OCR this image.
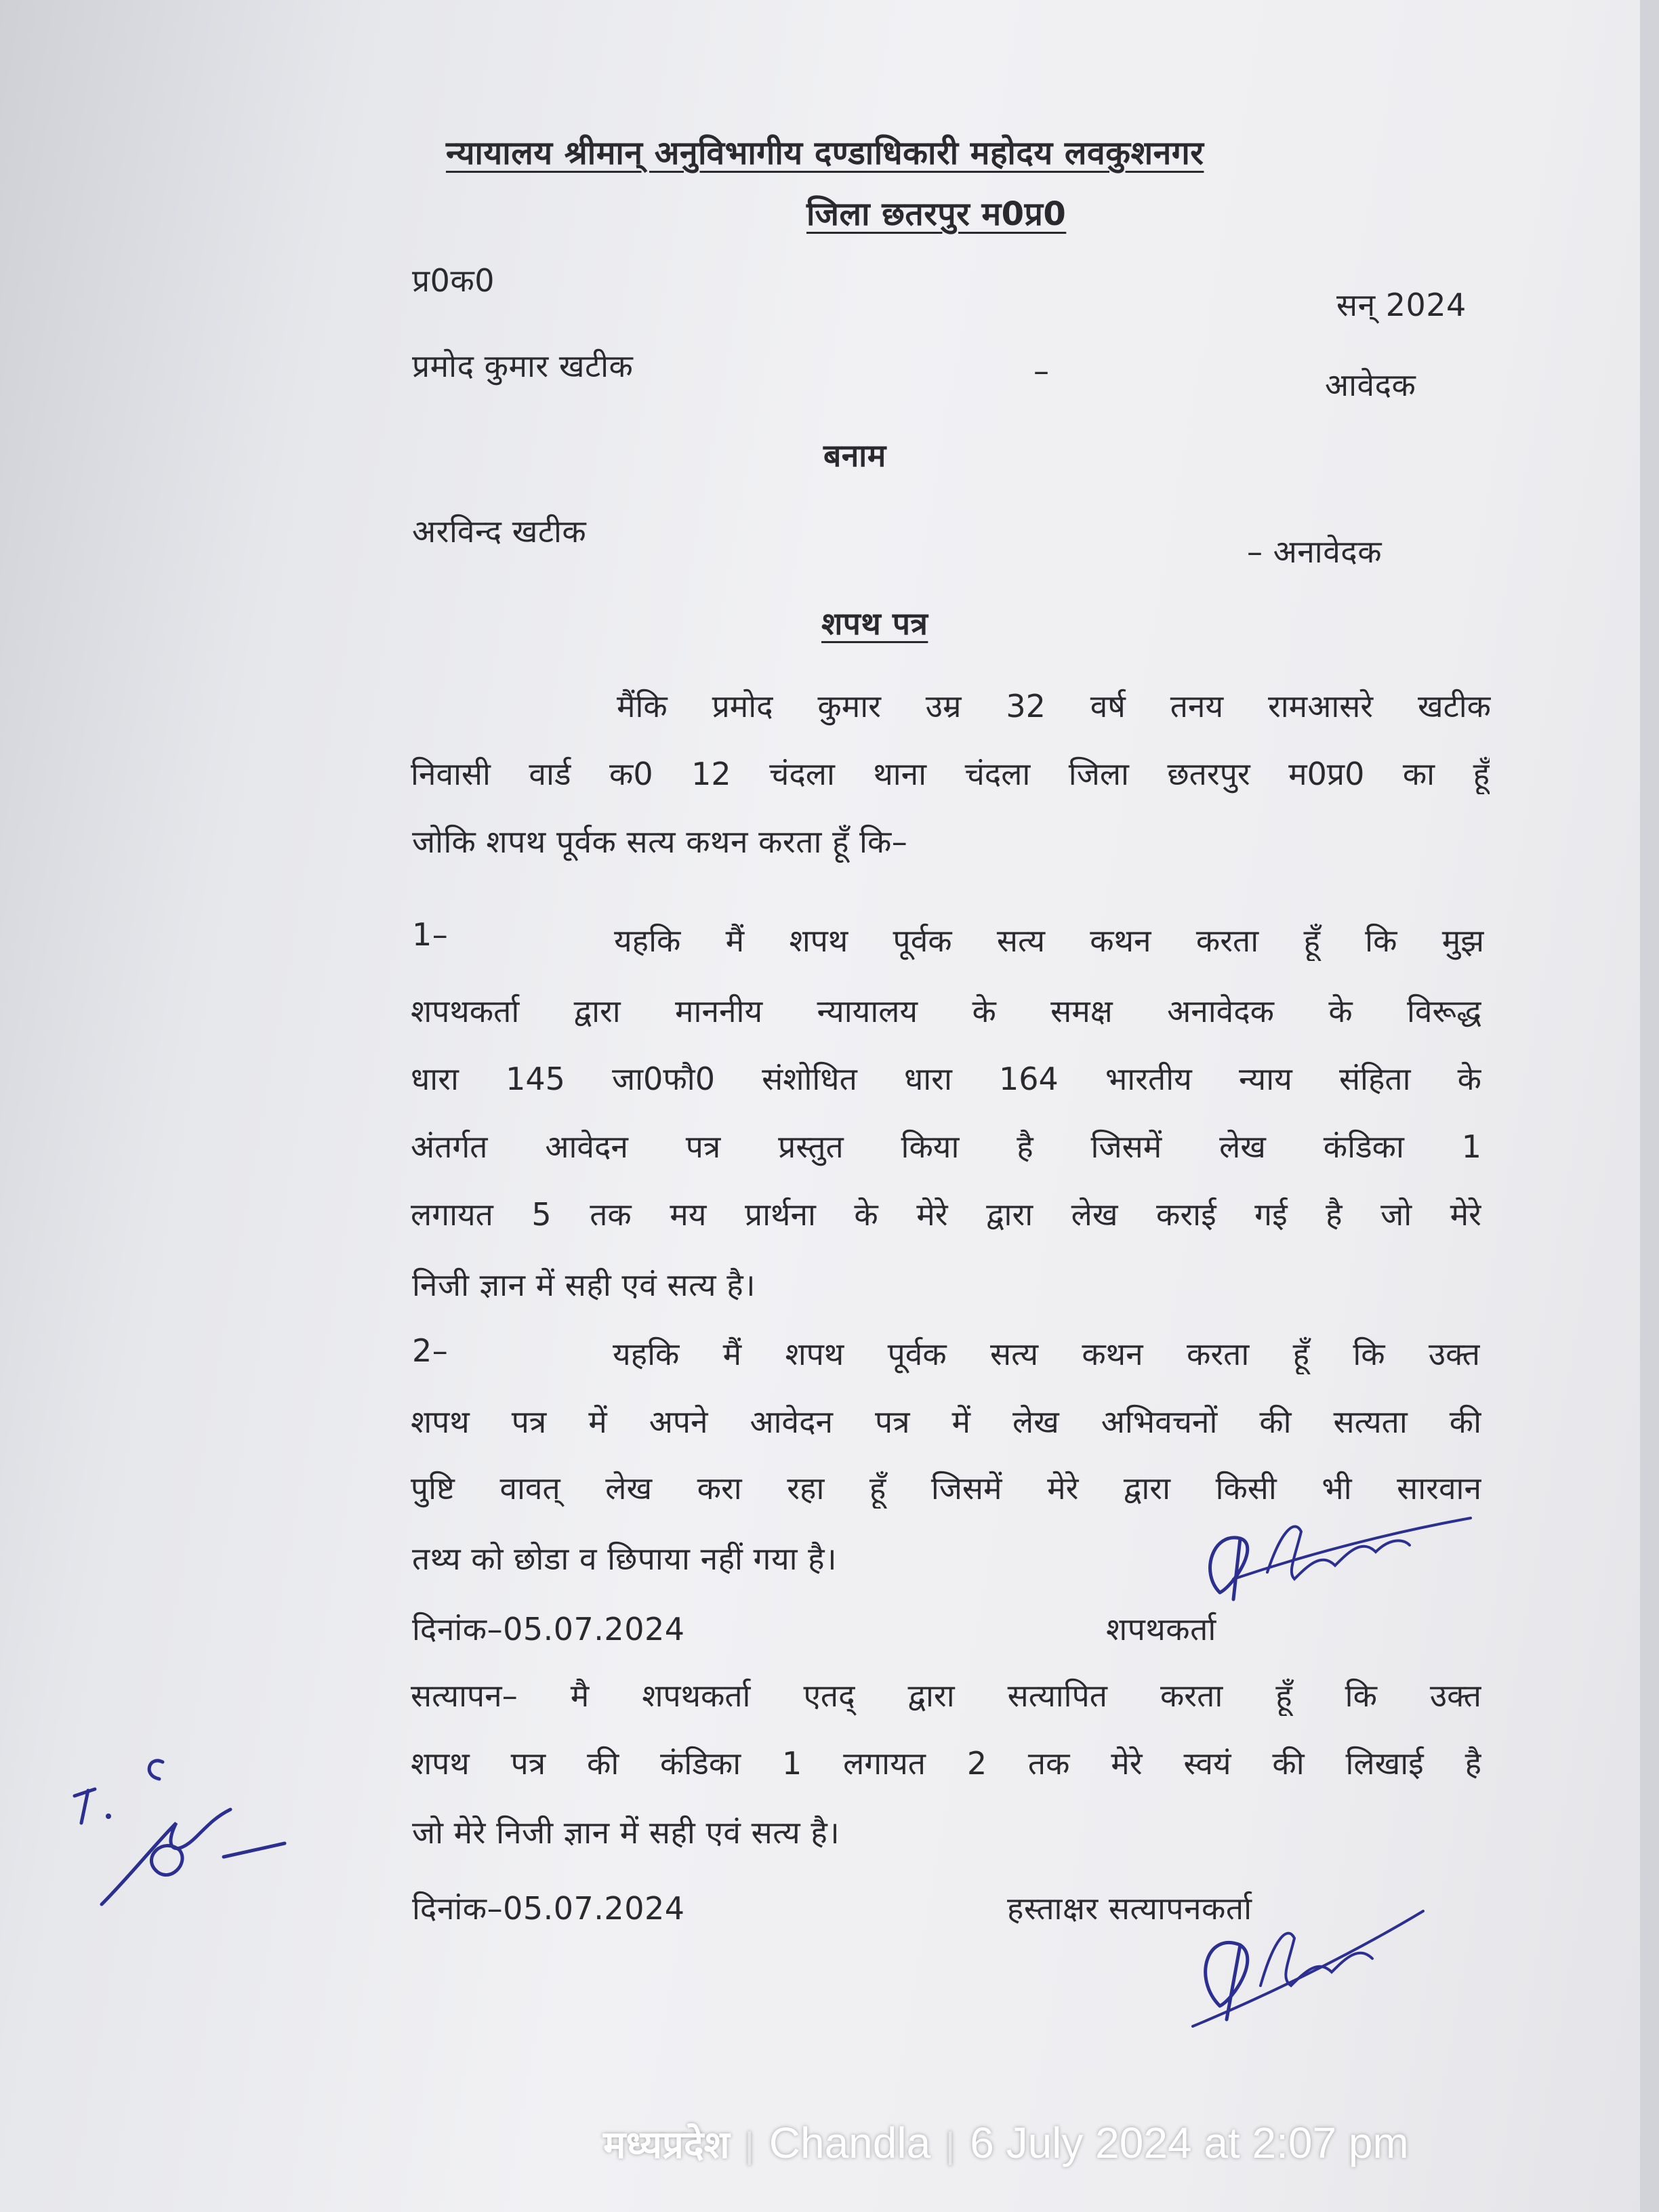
न्यायालय श्रीमान् अनुविभागीय दण्डाधिकारी महोदय लवकुशनगर
जिला छतरपुर म0प्र0
प्र0क0
सन् 2024
प्रमोद कुमार खटीक	–	आवेदक
बनाम
अरविन्द खटीक
– अनावेदक
शपथ पत्र
मैंकि प्रमोद कुमार उम्र 32 वर्ष तनय रामआसरे खटीक
निवासी वार्ड क0 12 चंदला थाना चंदला जिला छतरपुर म0प्र0 का हूँ
जोकि शपथ पूर्वक सत्य कथन करता हूँ कि–
1–	यहकि मैं शपथ पूर्वक सत्य कथन करता हूँ कि मुझ
शपथकर्ता द्वारा माननीय न्यायालय के समक्ष अनावेदक के विरूद्ध
धारा 145 जा0फौ0 संशोधित धारा 164 भारतीय न्याय संहिता के
अंतर्गत आवेदन पत्र प्रस्तुत किया है जिसमें लेख कंडिका 1
लगायत 5 तक मय प्रार्थना के मेरे द्वारा लेख कराई गई है जो मेरे
निजी ज्ञान में सही एवं सत्य है।
2–	यहकि मैं शपथ पूर्वक सत्य कथन करता हूँ कि उक्त
शपथ पत्र में अपने आवेदन पत्र में लेख अभिवचनों की सत्यता की
पुष्टि वावत् लेख करा रहा हूँ जिसमें मेरे द्वारा किसी भी सारवान
तथ्य को छोडा व छिपाया नहीं गया है।
दिनांक–05.07.2024	शपथकर्ता
सत्यापन– मै शपथकर्ता एतद् द्वारा सत्यापित करता हूँ कि उक्त
शपथ पत्र की कंडिका 1 लगायत 2 तक मेरे स्वयं की लिखाई है
जो मेरे निजी ज्ञान में सही एवं सत्य है।
दिनांक–05.07.2024	हस्ताक्षर सत्यापनकर्ता
मध्यप्रदेश | Chandla | 6 July 2024 at 2:07 pm
